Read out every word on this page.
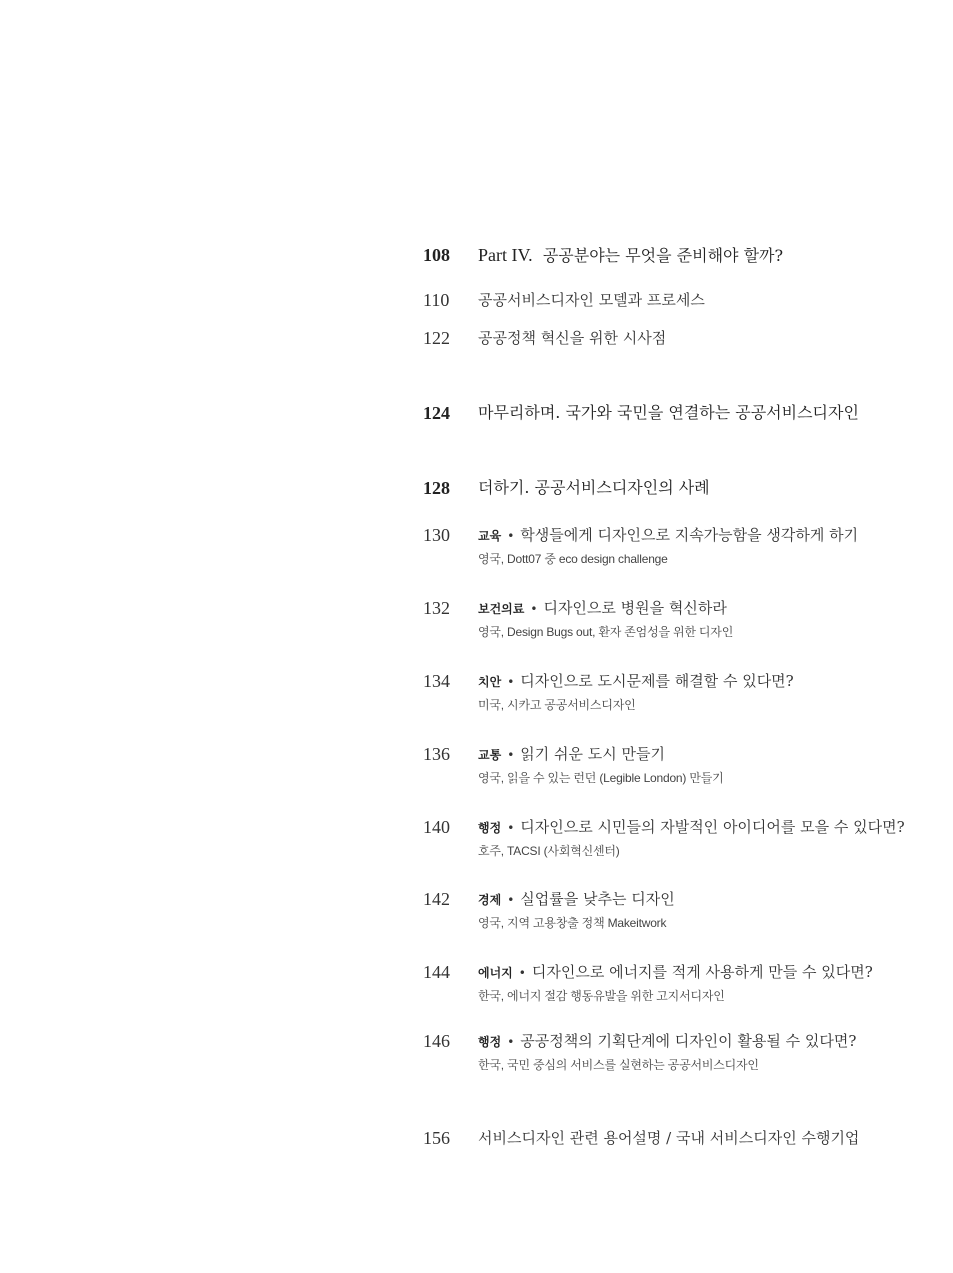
108 Part IV. 공공분야는 무엇을 준비해야 할까?
110 공공서비스디자인 모델과 프로세스
122 공공정책 혁신을 위한 시사점
124 마무리하며. 국가와 국민을 연결하는 공공서비스디자인
128 더하기. 공공서비스디자인의 사례
130 교육 • 학생들에게 디자인으로 지속가능함을 생각하게 하기
영국, Dott07 중 eco design challenge
132 보건의료 • 디자인으로 병원을 혁신하라
영국, Design Bugs out, 환자 존엄성을 위한 디자인
134 치안 • 디자인으로 도시문제를 해결할 수 있다면?
미국, 시카고 공공서비스디자인
136 교통 • 읽기 쉬운 도시 만들기
영국, 읽을 수 있는 런던 (Legible London) 만들기
140 행정 • 디자인으로 시민들의 자발적인 아이디어를 모을 수 있다면?
호주, TACSI (사회혁신센터)
142 경제 • 실업률을 낮추는 디자인
영국, 지역 고용창출 정책 Makeitwork
144 에너지 • 디자인으로 에너지를 적게 사용하게 만들 수 있다면?
한국, 에너지 절감 행동유발을 위한 고지서디자인
146 행정 • 공공정책의 기획단계에 디자인이 활용될 수 있다면?
한국, 국민 중심의 서비스를 실현하는 공공서비스디자인
156 서비스디자인 관련 용어설명 / 국내 서비스디자인 수행기업
